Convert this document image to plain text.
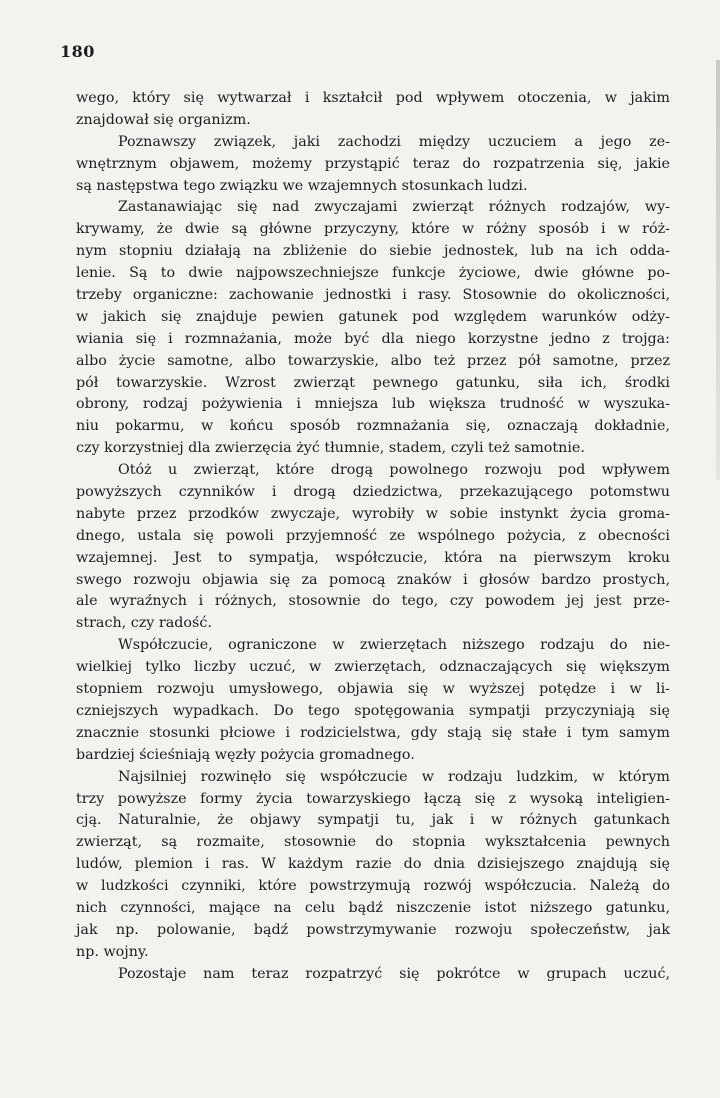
180
wego, który się wytwarzał i kształcił pod wpływem otoczenia, w jakim
znajdował się organizm.
Poznawszy związek, jaki zachodzi między uczuciem a jego ze-
wnętrznym objawem, możemy przystąpić teraz do rozpatrzenia się, jakie
są następstwa tego związku we wzajemnych stosunkach ludzi.
Zastanawiając się nad zwyczajami zwierząt różnych rodzajów, wy-
krywamy, że dwie są główne przyczyny, które w różny sposób i w róż-
nym stopniu działają na zbliżenie do siebie jednostek, lub na ich odda-
lenie. Są to dwie najpowszechniejsze funkcje życiowe, dwie główne po-
trzeby organiczne: zachowanie jednostki i rasy. Stosownie do okoliczności,
w jakich się znajduje pewien gatunek pod względem warunków odży-
wiania się i rozmnażania, może być dla niego korzystne jedno z trojga:
albo życie samotne, albo towarzyskie, albo też przez pół samotne, przez
pół towarzyskie. Wzrost zwierząt pewnego gatunku, siła ich, środki
obrony, rodzaj pożywienia i mniejsza lub większa trudność w wyszuka-
niu pokarmu, w końcu sposób rozmnażania się, oznaczają dokładnie,
czy korzystniej dla zwierzęcia żyć tłumnie, stadem, czyli też samotnie.
Otóż u zwierząt, które drogą powolnego rozwoju pod wpływem
powyższych czynników i drogą dziedzictwa, przekazującego potomstwu
nabyte przez przodków zwyczaje, wyrobiły w sobie instynkt życia groma-
dnego, ustala się powoli przyjemność ze wspólnego pożycia, z obecności
wzajemnej. Jest to sympatja, współczucie, która na pierwszym kroku
swego rozwoju objawia się za pomocą znaków i głosów bardzo prostych,
ale wyraźnych i różnych, stosownie do tego, czy powodem jej jest prze-
strach, czy radość.
Współczucie, ograniczone w zwierzętach niższego rodzaju do nie-
wielkiej tylko liczby uczuć, w zwierzętach, odznaczających się większym
stopniem rozwoju umysłowego, objawia się w wyższej potędze i w li-
czniejszych wypadkach. Do tego spotęgowania sympatji przyczyniają się
znacznie stosunki płciowe i rodzicielstwa, gdy stają się stałe i tym samym
bardziej ścieśniają węzły pożycia gromadnego.
Najsilniej rozwinęło się współczucie w rodzaju ludzkim, w którym
trzy powyższe formy życia towarzyskiego łączą się z wysoką inteligien-
cją. Naturalnie, że objawy sympatji tu, jak i w różnych gatunkach
zwierząt, są rozmaite, stosownie do stopnia wykształcenia pewnych
ludów, plemion i ras. W każdym razie do dnia dzisiejszego znajdują się
w ludzkości czynniki, które powstrzymują rozwój współczucia. Należą do
nich czynności, mające na celu bądź niszczenie istot niższego gatunku,
jak np. polowanie, bądź powstrzymywanie rozwoju społeczeństw, jak
np. wojny.
Pozostaje nam teraz rozpatrzyć się pokrótce w grupach uczuć,
